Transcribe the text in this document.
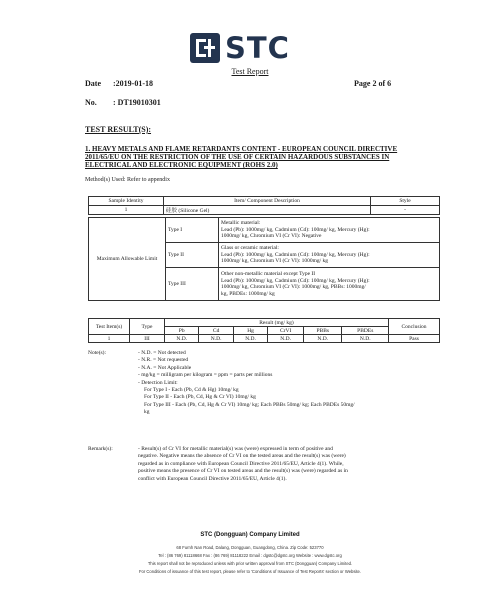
STC
Test Report
Date :2019-01-18	Page 2 of 6
No. : DT19010301
TEST RESULT(S):
1. HEAVY METALS AND FLAME RETARDANTS CONTENT - EUROPEAN COUNCIL DIRECTIVE 2011/65/EU ON THE RESTRICTION OF THE USE OF CERTAIN HAZARDOUS SUBSTANCES IN ELECTRICAL AND ELECTRONIC EQUIPMENT (ROHS 2.0)
Method(s) Used: Refer to appendix
Sample Identity	Item/ Component Description	Style
1	硅胶 (Silicone Gel)	-
Maximum Allowable Limit	Type I	Metallic material:
Lead (Pb): 1000mg/ kg, Cadmium (Cd): 100mg/ kg, Mercury (Hg):
1000mg/ kg, Chromium VI (Cr VI): Negative

	Type II	Glass or ceramic material:
Lead (Pb): 1000mg/ kg, Cadmium (Cd): 100mg/ kg, Mercury (Hg):
1000mg/ kg, Chromium VI (Cr VI): 1000mg/ kg

	Type III	Other non-metallic material except Type II
Lead (Pb): 1000mg/ kg, Cadmium (Cd): 100mg/ kg, Mercury (Hg):
1000mg/ kg, Chromium VI (Cr VI): 1000mg/ kg, PBBs: 1000mg/
kg, PBDEs: 1000mg/ kg
Test Item(s)	Type	Result (mg/ kg)						Conclusion
		Pb	Cd	Hg	CrVI	PBBs	PBDEs	
1	III	N.D.	N.D.	N.D.	N.D.	N.D.	N.D.	Pass
Note(s):	- N.D. = Not detected
- N.R. = Not requested
- N.A. = Not Applicable
- mg/kg = milligram per kilogram = ppm = parts per millions
- Detection Limit:
For Type I - Each (Pb, Cd & Hg) 10mg/ kg
For Type II - Each (Pb, Cd, Hg & Cr VI) 10mg/ kg
For Type III - Each (Pb, Cd, Hg & Cr VI) 10mg/ kg; Each PBBs 50mg/ kg; Each PBDEs 50mg/
kg
Remark(s):	- Result(s) of Cr VI for metallic material(s) was (were) expressed in term of positive and
negative. Negative means the absence of Cr VI on the tested areas and the result(s) was (were)
regarded as in compliance with European Council Directive 2011/65/EU, Article 4(1). While,
positive means the presence of Cr VI on tested areas and the result(s) was (were) regarded as in
conflict with European Council Directive 2011/65/EU, Article 4(1).
STC (Dongguan) Company Limited
68 Furnh Nan Road, Dalang, Dongguan, Guangdong, China. Zip Code: 523770
Tel : (86 769) 81118668 Fax : (86 769) 81118222 Email : dgstc@dgstc.org Website : www.dgstc.org
This report shall not be reproduced unless with prior written approval from STC (Dongguan) Company Limited.
For Conditions of issuance of this test report, please refer to 'Conditions of Issuance of Test Reports' section or Website.
